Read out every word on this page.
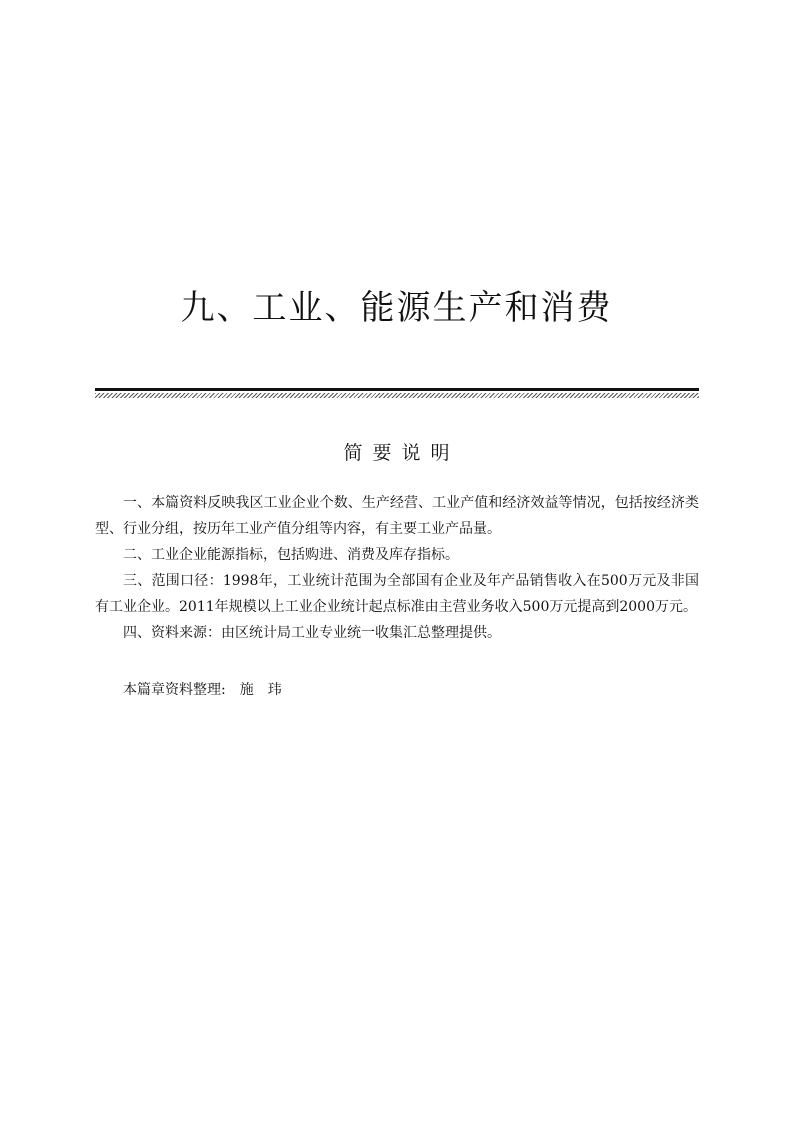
九、工业、能源生产和消费
简要说明

一、本篇资料反映我区工业企业个数、生产经营、工业产值和经济效益等情况，包括按经济类型、行业分组，按历年工业产值分组等内容，有主要工业产品量。

二、工业企业能源指标，包括购进、消费及库存指标。

三、范围口径：1998年，工业统计范围为全部国有企业及年产品销售收入在500万元及非国有工业企业。2011年规模以上工业企业统计起点标准由主营业务收入500万元提高到2000万元。

四、资料来源：由区统计局工业专业统一收集汇总整理提供。

本篇章资料整理: 施　玮
